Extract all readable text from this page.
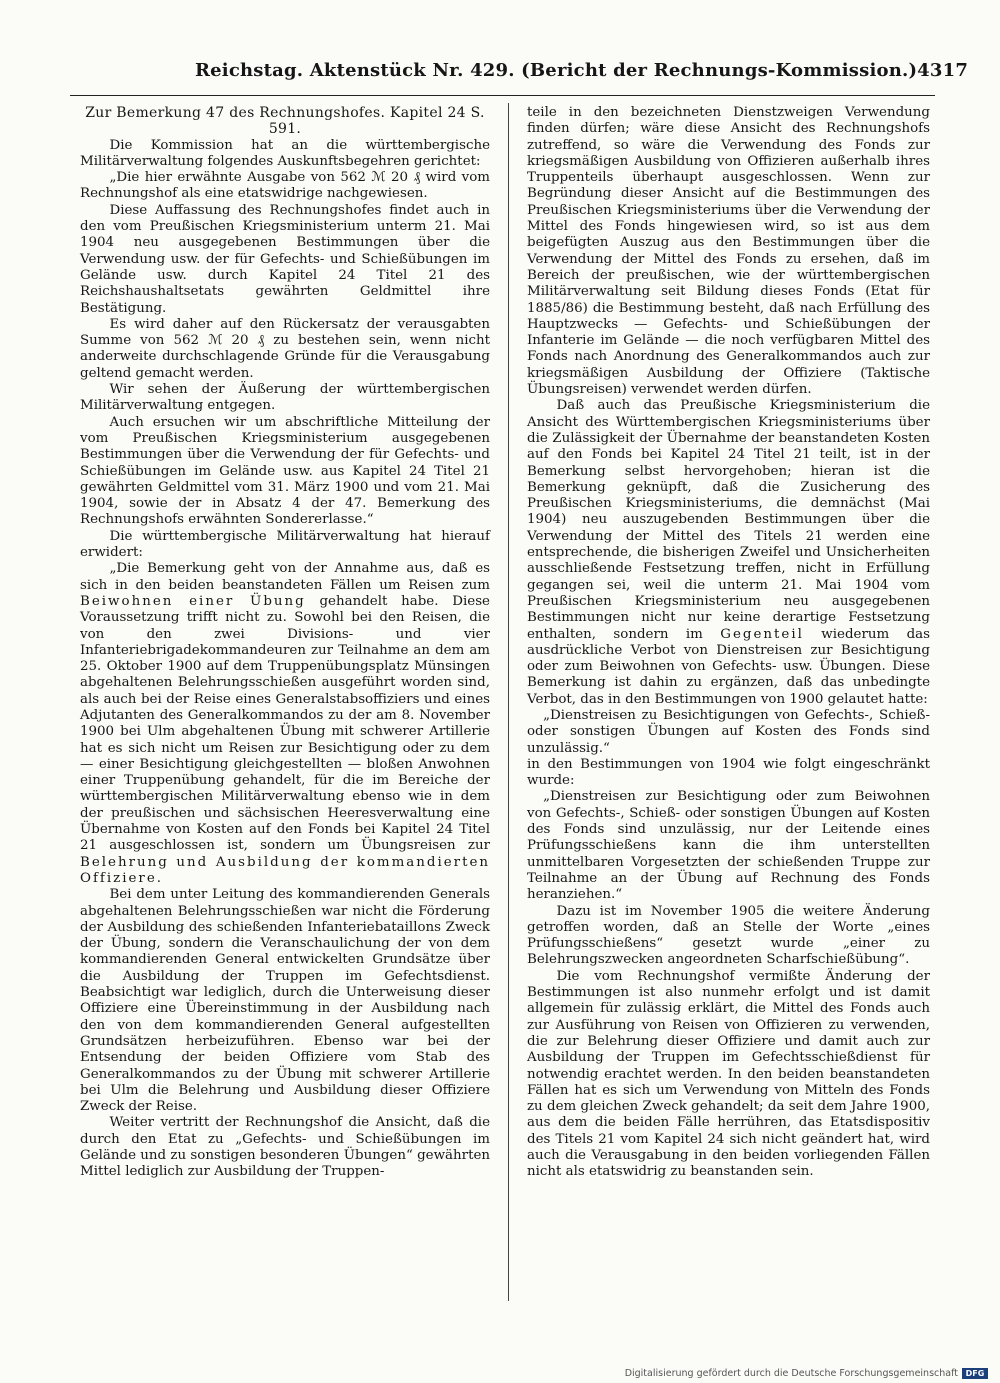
Reichstag. Aktenstück Nr. 429. (Bericht der Rechnungs-Kommission.) 4317

Zur Bemerkung 47 des Rechnungshofes. Kapitel 24 S. 591.

Die Kommission hat an die württembergische Militärverwaltung folgendes Auskunftsbegehren gerichtet:

„Die hier erwähnte Ausgabe von 562 ℳ 20 ₰ wird vom Rechnungshof als eine etatswidrige nachgewiesen.

Diese Auffassung des Rechnungshofes findet auch in den vom Preußischen Kriegsministerium unterm 21. Mai 1904 neu ausgegebenen Bestimmungen über die Verwendung usw. der für Gefechts- und Schießübungen im Gelände usw. durch Kapitel 24 Titel 21 des Reichshaushaltsetats gewährten Geldmittel ihre Bestätigung.

Es wird daher auf den Rückersatz der verausgabten Summe von 562 ℳ 20 ₰ zu bestehen sein, wenn nicht anderweite durchschlagende Gründe für die Verausgabung geltend gemacht werden.

Wir sehen der Äußerung der württembergischen Militärverwaltung entgegen.

Auch ersuchen wir um abschriftliche Mitteilung der vom Preußischen Kriegsministerium ausgegebenen Bestimmungen über die Verwendung der für Gefechts- und Schießübungen im Gelände usw. aus Kapitel 24 Titel 21 gewährten Geldmittel vom 31. März 1900 und vom 21. Mai 1904, sowie der in Absatz 4 der 47. Bemerkung des Rechnungshofs erwähnten Sondererlasse.“

Die württembergische Militärverwaltung hat hierauf erwidert:

„Die Bemerkung geht von der Annahme aus, daß es sich in den beiden beanstandeten Fällen um Reisen zum Beiwohnen einer Übung gehandelt habe. Diese Voraussetzung trifft nicht zu. Sowohl bei den Reisen, die von den zwei Divisions- und vier Infanteriebrigadekommandeuren zur Teilnahme an dem am 25. Oktober 1900 auf dem Truppenübungsplatz Münsingen abgehaltenen Belehrungsschießen ausgeführt worden sind, als auch bei der Reise eines Generalstabsoffiziers und eines Adjutanten des Generalkommandos zu der am 8. November 1900 bei Ulm abgehaltenen Übung mit schwerer Artillerie hat es sich nicht um Reisen zur Besichtigung oder zu dem — einer Besichtigung gleichgestellten — bloßen Anwohnen einer Truppenübung gehandelt, für die im Bereiche der württembergischen Militärverwaltung ebenso wie in dem der preußischen und sächsischen Heeresverwaltung eine Übernahme von Kosten auf den Fonds bei Kapitel 24 Titel 21 ausgeschlossen ist, sondern um Übungsreisen zur Belehrung und Ausbildung der kommandierten Offiziere.

Bei dem unter Leitung des kommandierenden Generals abgehaltenen Belehrungsschießen war nicht die Förderung der Ausbildung des schießenden Infanteriebataillons Zweck der Übung, sondern die Veranschaulichung der von dem kommandierenden General entwickelten Grundsätze über die Ausbildung der Truppen im Gefechtsdienst. Beabsichtigt war lediglich, durch die Unterweisung dieser Offiziere eine Übereinstimmung in der Ausbildung nach den von dem kommandierenden General aufgestellten Grundsätzen herbeizuführen. Ebenso war bei der Entsendung der beiden Offiziere vom Stab des Generalkommandos zu der Übung mit schwerer Artillerie bei Ulm die Belehrung und Ausbildung dieser Offiziere Zweck der Reise.

Weiter vertritt der Rechnungshof die Ansicht, daß die durch den Etat zu „Gefechts- und Schießübungen im Gelände und zu sonstigen besonderen Übungen“ gewährten Mittel lediglich zur Ausbildung der Truppen-

teile in den bezeichneten Dienstzweigen Verwendung finden dürfen; wäre diese Ansicht des Rechnungshofs zutreffend, so wäre die Verwendung des Fonds zur kriegsmäßigen Ausbildung von Offizieren außerhalb ihres Truppenteils überhaupt ausgeschlossen. Wenn zur Begründung dieser Ansicht auf die Bestimmungen des Preußischen Kriegsministeriums über die Verwendung der Mittel des Fonds hingewiesen wird, so ist aus dem beigefügten Auszug aus den Bestimmungen über die Verwendung der Mittel des Fonds zu ersehen, daß im Bereich der preußischen, wie der württembergischen Militärverwaltung seit Bildung dieses Fonds (Etat für 1885/86) die Bestimmung besteht, daß nach Erfüllung des Hauptzwecks — Gefechts- und Schießübungen der Infanterie im Gelände — die noch verfügbaren Mittel des Fonds nach Anordnung des Generalkommandos auch zur kriegsmäßigen Ausbildung der Offiziere (Taktische Übungsreisen) verwendet werden dürfen.

Daß auch das Preußische Kriegsministerium die Ansicht des Württembergischen Kriegsministeriums über die Zulässigkeit der Übernahme der beanstandeten Kosten auf den Fonds bei Kapitel 24 Titel 21 teilt, ist in der Bemerkung selbst hervorgehoben; hieran ist die Bemerkung geknüpft, daß die Zusicherung des Preußischen Kriegsministeriums, die demnächst (Mai 1904) neu auszugebenden Bestimmungen über die Verwendung der Mittel des Titels 21 werden eine entsprechende, die bisherigen Zweifel und Unsicherheiten ausschließende Festsetzung treffen, nicht in Erfüllung gegangen sei, weil die unterm 21. Mai 1904 vom Preußischen Kriegsministerium neu ausgegebenen Bestimmungen nicht nur keine derartige Festsetzung enthalten, sondern im Gegenteil wiederum das ausdrückliche Verbot von Dienstreisen zur Besichtigung oder zum Beiwohnen von Gefechts- usw. Übungen. Diese Bemerkung ist dahin zu ergänzen, daß das unbedingte Verbot, das in den Bestimmungen von 1900 gelautet hatte:

„Dienstreisen zu Besichtigungen von Gefechts-, Schieß- oder sonstigen Übungen auf Kosten des Fonds sind unzulässig.“

in den Bestimmungen von 1904 wie folgt eingeschränkt wurde:

„Dienstreisen zur Besichtigung oder zum Beiwohnen von Gefechts-, Schieß- oder sonstigen Übungen auf Kosten des Fonds sind unzulässig, nur der Leitende eines Prüfungsschießens kann die ihm unterstellten unmittelbaren Vorgesetzten der schießenden Truppe zur Teilnahme an der Übung auf Rechnung des Fonds heranziehen.“

Dazu ist im November 1905 die weitere Änderung getroffen worden, daß an Stelle der Worte „eines Prüfungsschießens“ gesetzt wurde „einer zu Belehrungszwecken angeordneten Scharfschießübung“.

Die vom Rechnungshof vermißte Änderung der Bestimmungen ist also nunmehr erfolgt und ist damit allgemein für zulässig erklärt, die Mittel des Fonds auch zur Ausführung von Reisen von Offizieren zu verwenden, die zur Belehrung dieser Offiziere und damit auch zur Ausbildung der Truppen im Gefechtsschießdienst für notwendig erachtet werden. In den beiden beanstandeten Fällen hat es sich um Verwendung von Mitteln des Fonds zu dem gleichen Zweck gehandelt; da seit dem Jahre 1900, aus dem die beiden Fälle herrühren, das Etatsdispositiv des Titels 21 vom Kapitel 24 sich nicht geändert hat, wird auch die Verausgabung in den beiden vorliegenden Fällen nicht als etatswidrig zu beanstanden sein.

Digitalisierung gefördert durch die Deutsche Forschungsgemeinschaft DFG
